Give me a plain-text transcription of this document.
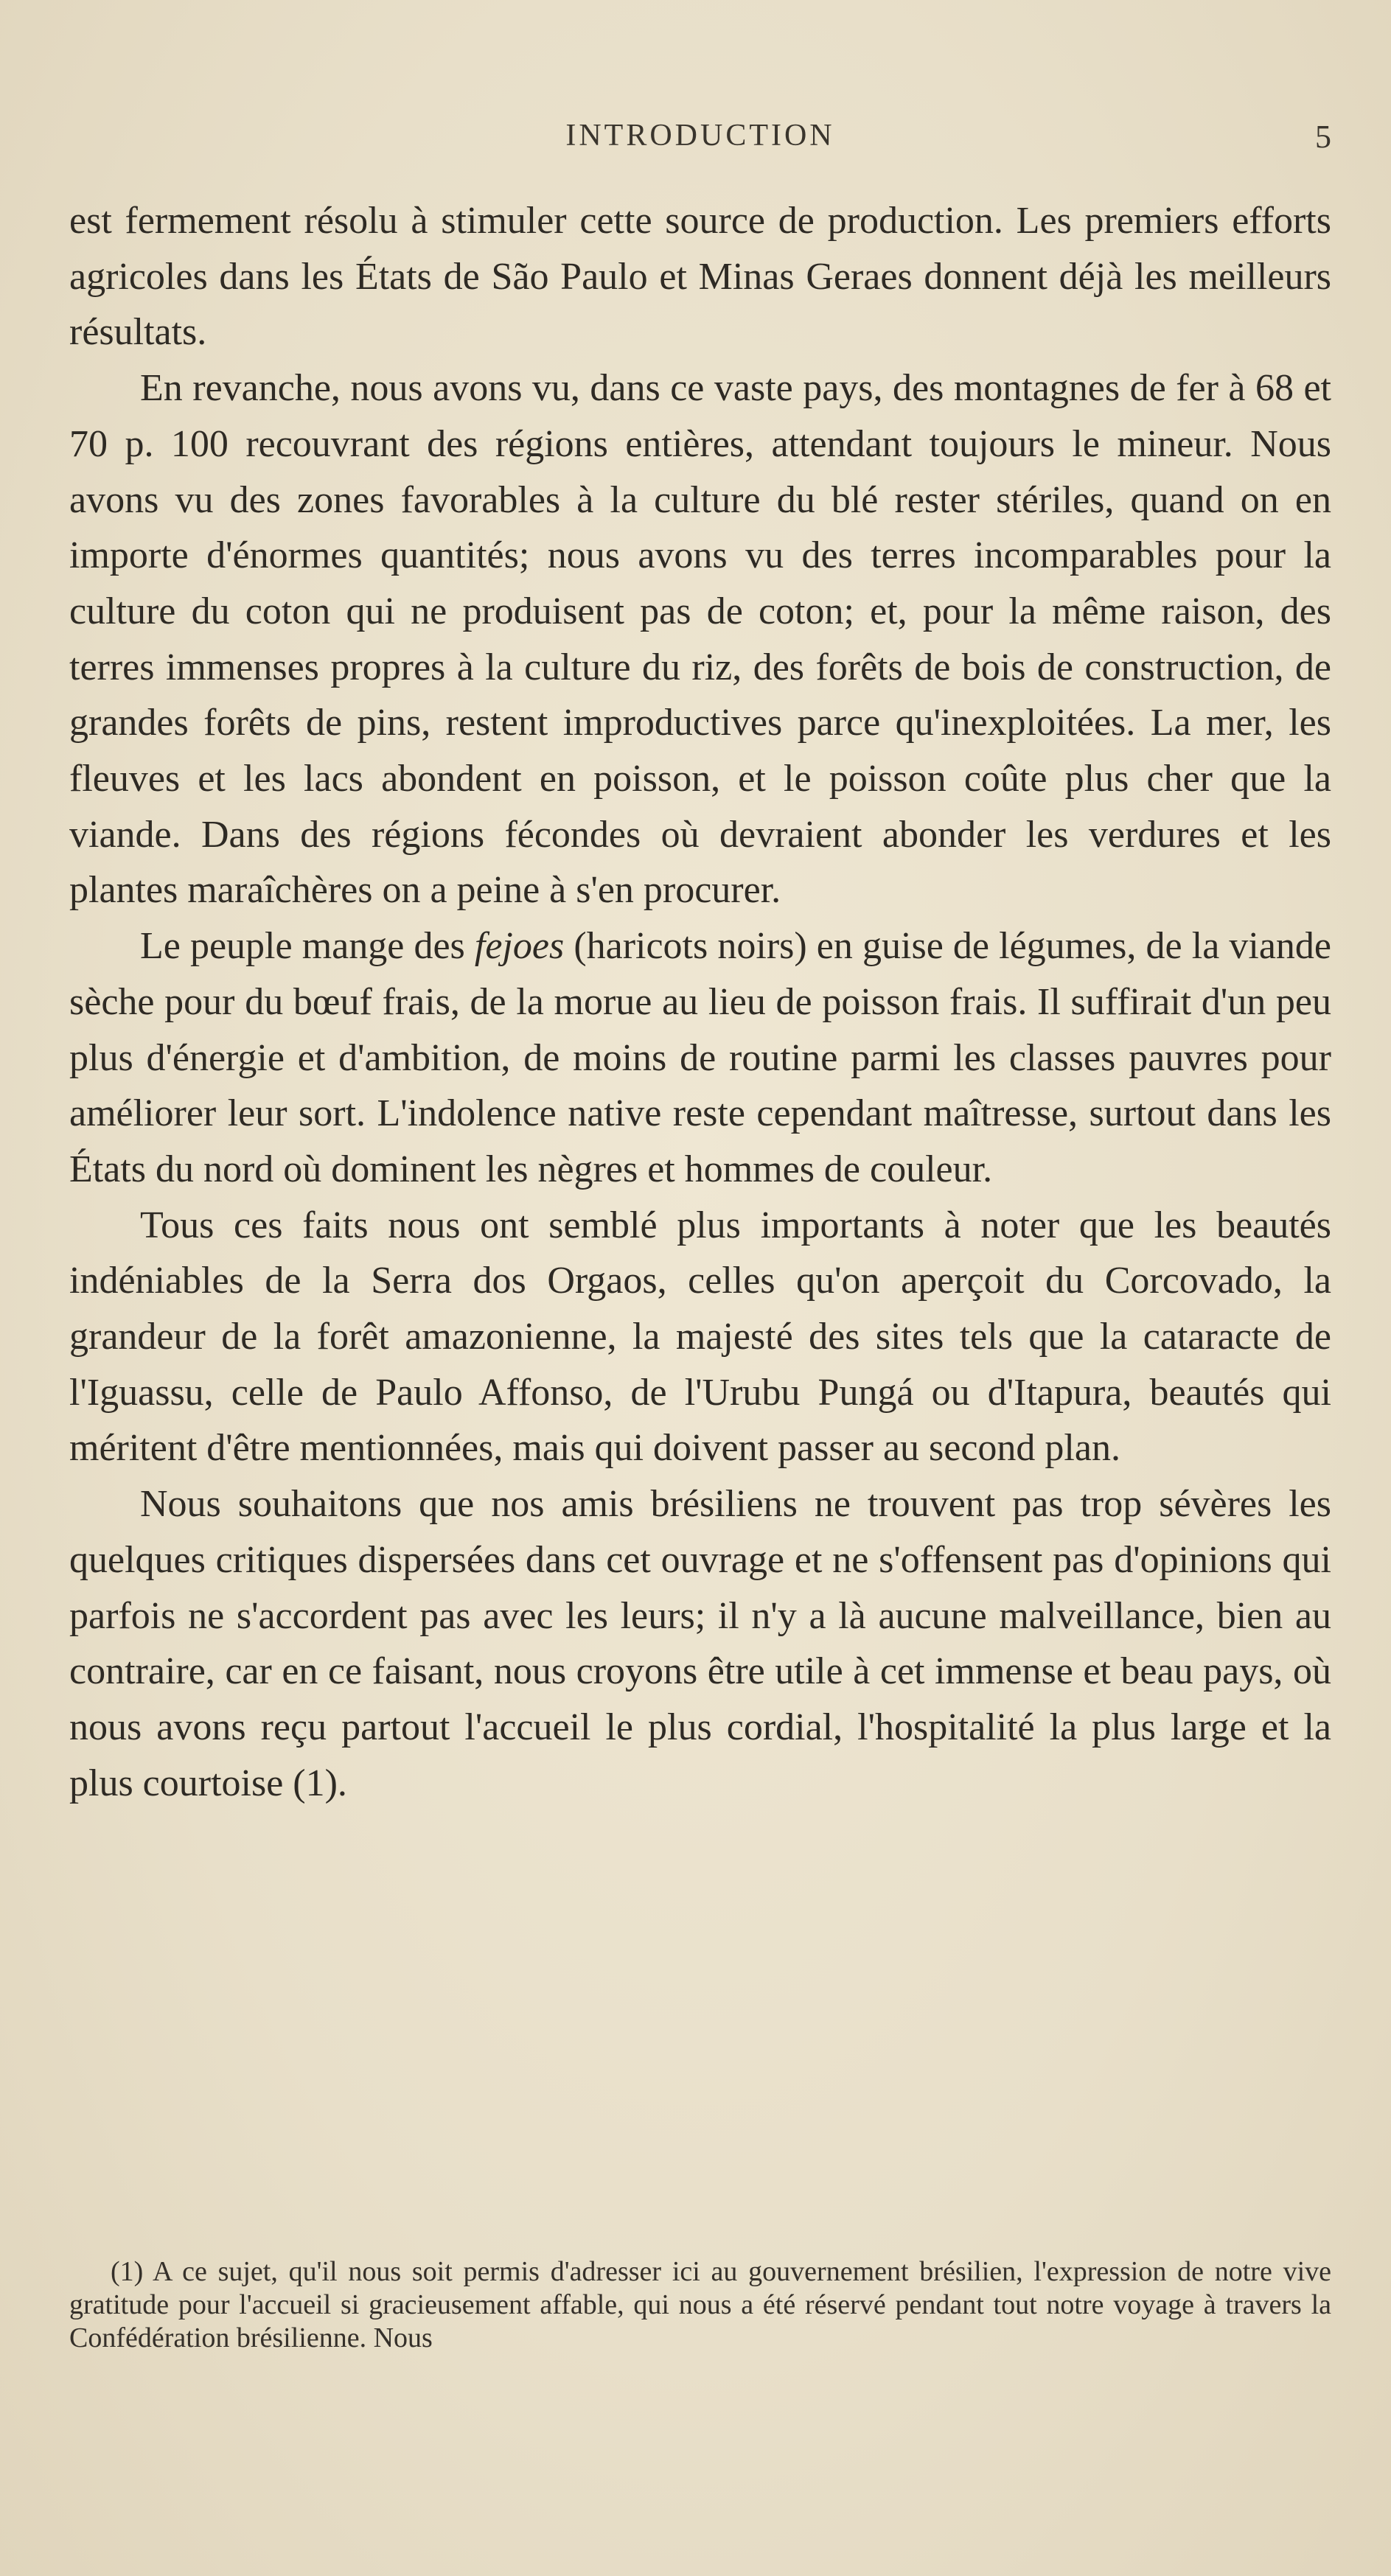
INTRODUCTION	5

est fermement résolu à stimuler cette source de production. Les premiers efforts agricoles dans les États de São Paulo et Minas Geraes donnent déjà les meilleurs résultats.

En revanche, nous avons vu, dans ce vaste pays, des montagnes de fer à 68 et 70 p. 100 recouvrant des régions entières, attendant toujours le mineur. Nous avons vu des zones favorables à la culture du blé rester stériles, quand on en importe d'énormes quantités; nous avons vu des terres incomparables pour la culture du coton qui ne produisent pas de coton; et, pour la même raison, des terres immenses propres à la culture du riz, des forêts de bois de construction, de grandes forêts de pins, restent improductives parce qu'inexploitées. La mer, les fleuves et les lacs abondent en poisson, et le poisson coûte plus cher que la viande. Dans des régions fécondes où devraient abonder les verdures et les plantes maraîchères on a peine à s'en procurer.

Le peuple mange des fejoes (haricots noirs) en guise de légumes, de la viande sèche pour du bœuf frais, de la morue au lieu de poisson frais. Il suffirait d'un peu plus d'énergie et d'ambition, de moins de routine parmi les classes pauvres pour améliorer leur sort. L'indolence native reste cependant maîtresse, surtout dans les États du nord où dominent les nègres et hommes de couleur.

Tous ces faits nous ont semblé plus importants à noter que les beautés indéniables de la Serra dos Orgaos, celles qu'on aperçoit du Corcovado, la grandeur de la forêt amazonienne, la majesté des sites tels que la cataracte de l'Iguassu, celle de Paulo Affonso, de l'Urubu Pungá ou d'Itapura, beautés qui méritent d'être mentionnées, mais qui doivent passer au second plan.

Nous souhaitons que nos amis brésiliens ne trouvent pas trop sévères les quelques critiques dispersées dans cet ouvrage et ne s'offensent pas d'opinions qui parfois ne s'accordent pas avec les leurs; il n'y a là aucune malveillance, bien au contraire, car en ce faisant, nous croyons être utile à cet immense et beau pays, où nous avons reçu partout l'accueil le plus cordial, l'hospitalité la plus large et la plus courtoise (1).

(1) A ce sujet, qu'il nous soit permis d'adresser ici au gouvernement brésilien, l'expression de notre vive gratitude pour l'accueil si gracieusement affable, qui nous a été réservé pendant tout notre voyage à travers la Confédération brésilienne. Nous
